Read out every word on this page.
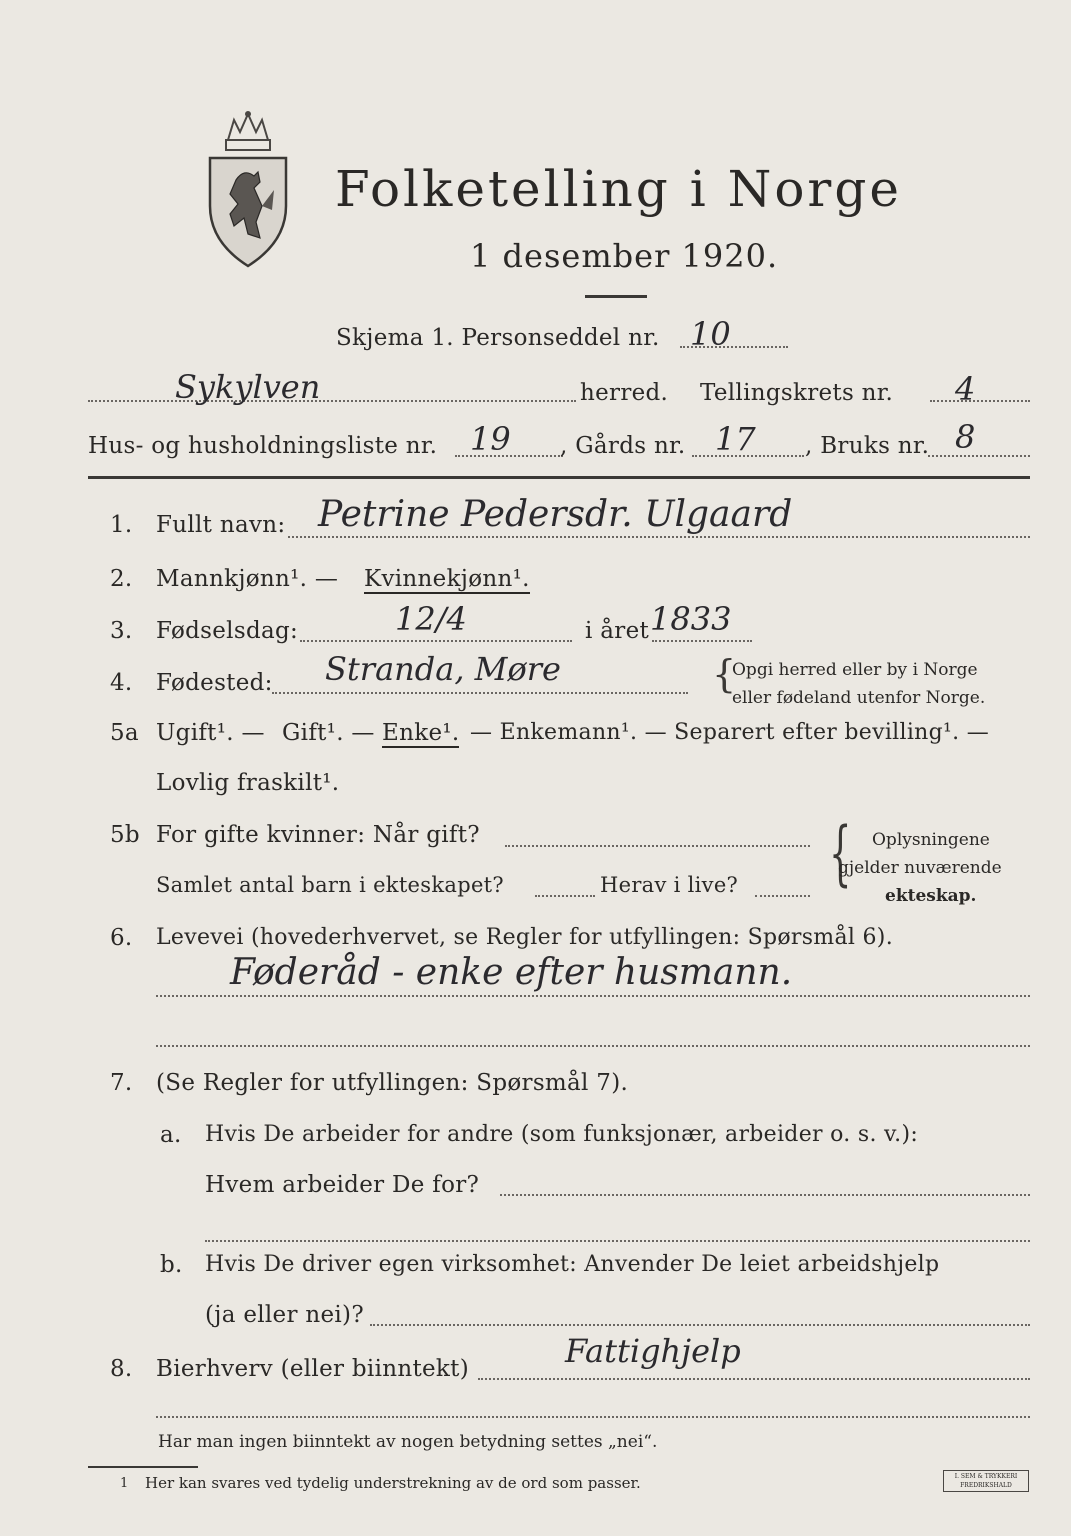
Folketelling i Norge
1 desember 1920.
Skjema 1. Personseddel nr. 10
Sykylven	herred. Tellingskrets nr. 4
Hus- og husholdningsliste nr. 19 , Gårds nr. 17 , Bruks nr. 8
1. Fullt navn: Petrine Pedersdr. Ulgaard
2. Mannkjønn¹. — Kvinnekjønn¹.
3. Fødselsdag:	12/4	i året 1833
4. Fødested: Stranda, Møre	{
Opgi herred eller by i Norge
eller fødeland utenfor Norge.
5a Ugift¹. — Gift¹. — Enke¹. — Enkemann¹. — Separert efter bevilling¹. —
Lovlig fraskilt¹.
5b For gifte kvinner: Når gift?
Samlet antal barn i ekteskapet?	Herav i live? { Oplysningene
gjelder nuværende
ekteskap.
6. Levevei (hovederhvervet, se Regler for utfyllingen: Spørsmål 6).
Føderåd - enke efter husmann.
7. (Se Regler for utfyllingen: Spørsmål 7).
a. Hvis De arbeider for andre (som funksjonær, arbeider o. s. v.):
Hvem arbeider De for?
b. Hvis De driver egen virksomhet: Anvender De leiet arbeidshjelp
(ja eller nei)?
8. Bierhverv (eller biinntekt)	Fattighjelp
Har man ingen biinntekt av nogen betydning settes „nei“.
1 Her kan svares ved tydelig understrekning av de ord som passer.	I. SEM & TRYKKERI
FREDRIKSHALD
